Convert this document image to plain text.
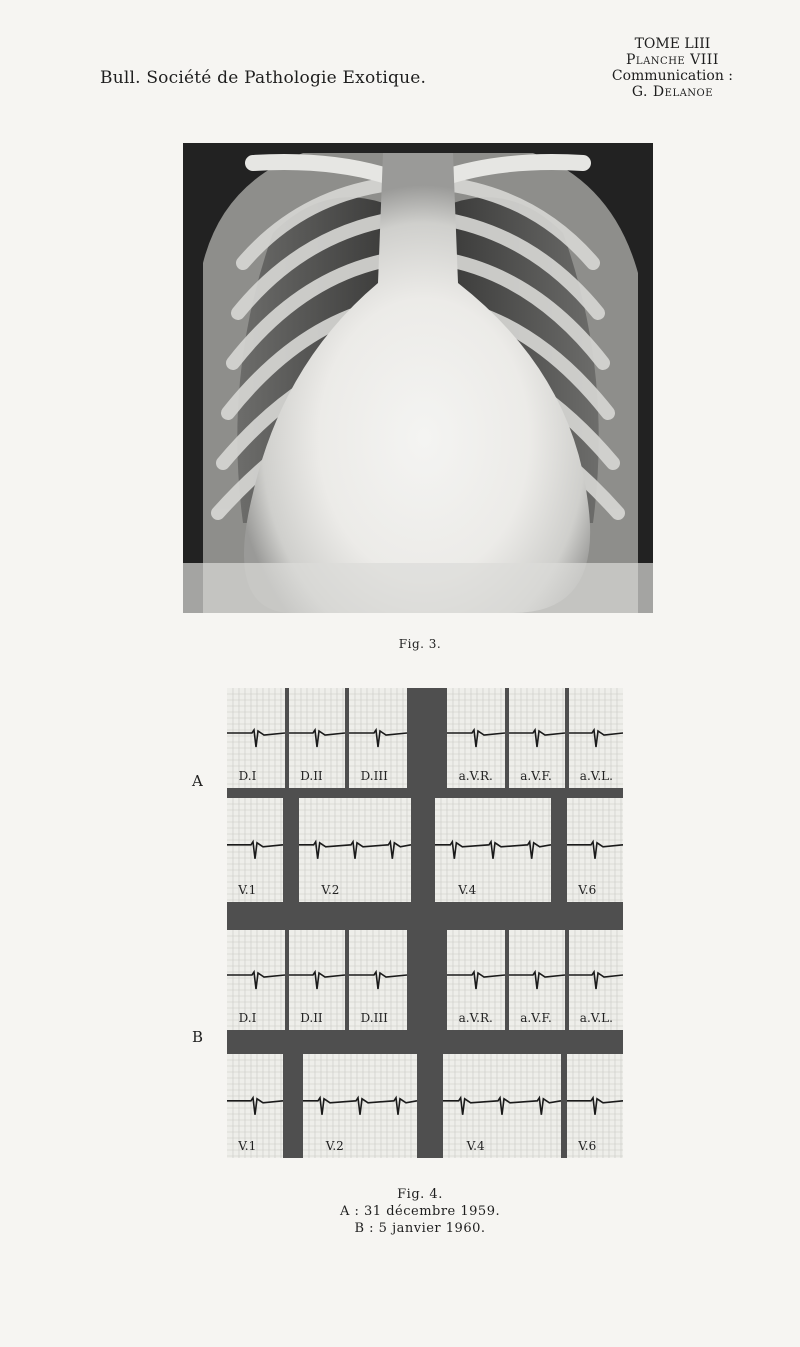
Bull. Société de Pathologie Exotique.
TOME LIII
Planche VIII
Communication :
G. Delanoe
Fig. 3.
A
B
D.I	D.II	D.III	a.V.R. a.V.F. a.V.L.
V.1	V.2	V.4	V.6
D.I	D.II	D.III	a.V.R. a.V.F. a.V.L.
V.1	V.2	V.4	V.6
Fig. 4.
A : 31 décembre 1959.
B : 5 janvier 1960.
